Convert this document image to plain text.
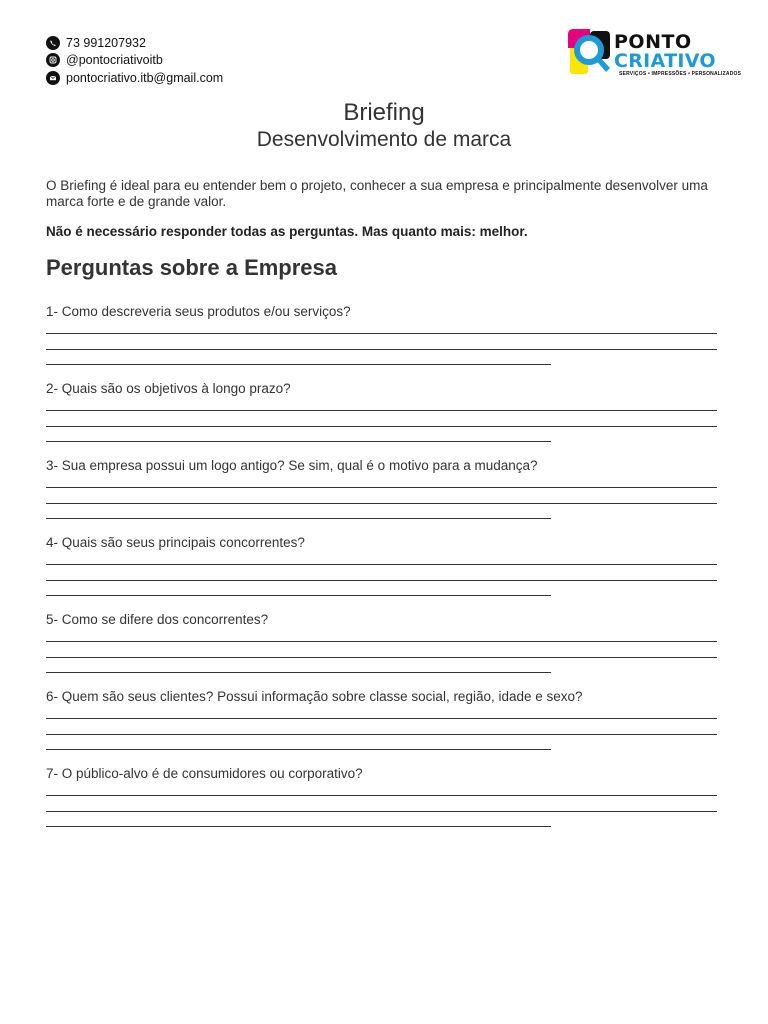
73 991207932
@pontocriativoitb
pontocriativo.itb@gmail.com
PONTO
CRIATIVO
SERVIÇOS • IMPRESSÕES • PERSONALIZADOS
Briefing
Desenvolvimento de marca

O Briefing é ideal para eu entender bem o projeto, conhecer a sua empresa e principalmente desenvolver uma marca forte e de grande valor.

Não é necessário responder todas as perguntas. Mas quanto mais: melhor.

Perguntas sobre a Empresa
1- Como descreveria seus produtos e/ou serviços?
2- Quais são os objetivos à longo prazo?
3- Sua empresa possui um logo antigo? Se sim, qual é o motivo para a mudança?
4- Quais são seus principais concorrentes?
5- Como se difere dos concorrentes?
6- Quem são seus clientes? Possui informação sobre classe social, região, idade e sexo?
7- O público-alvo é de consumidores ou corporativo?
